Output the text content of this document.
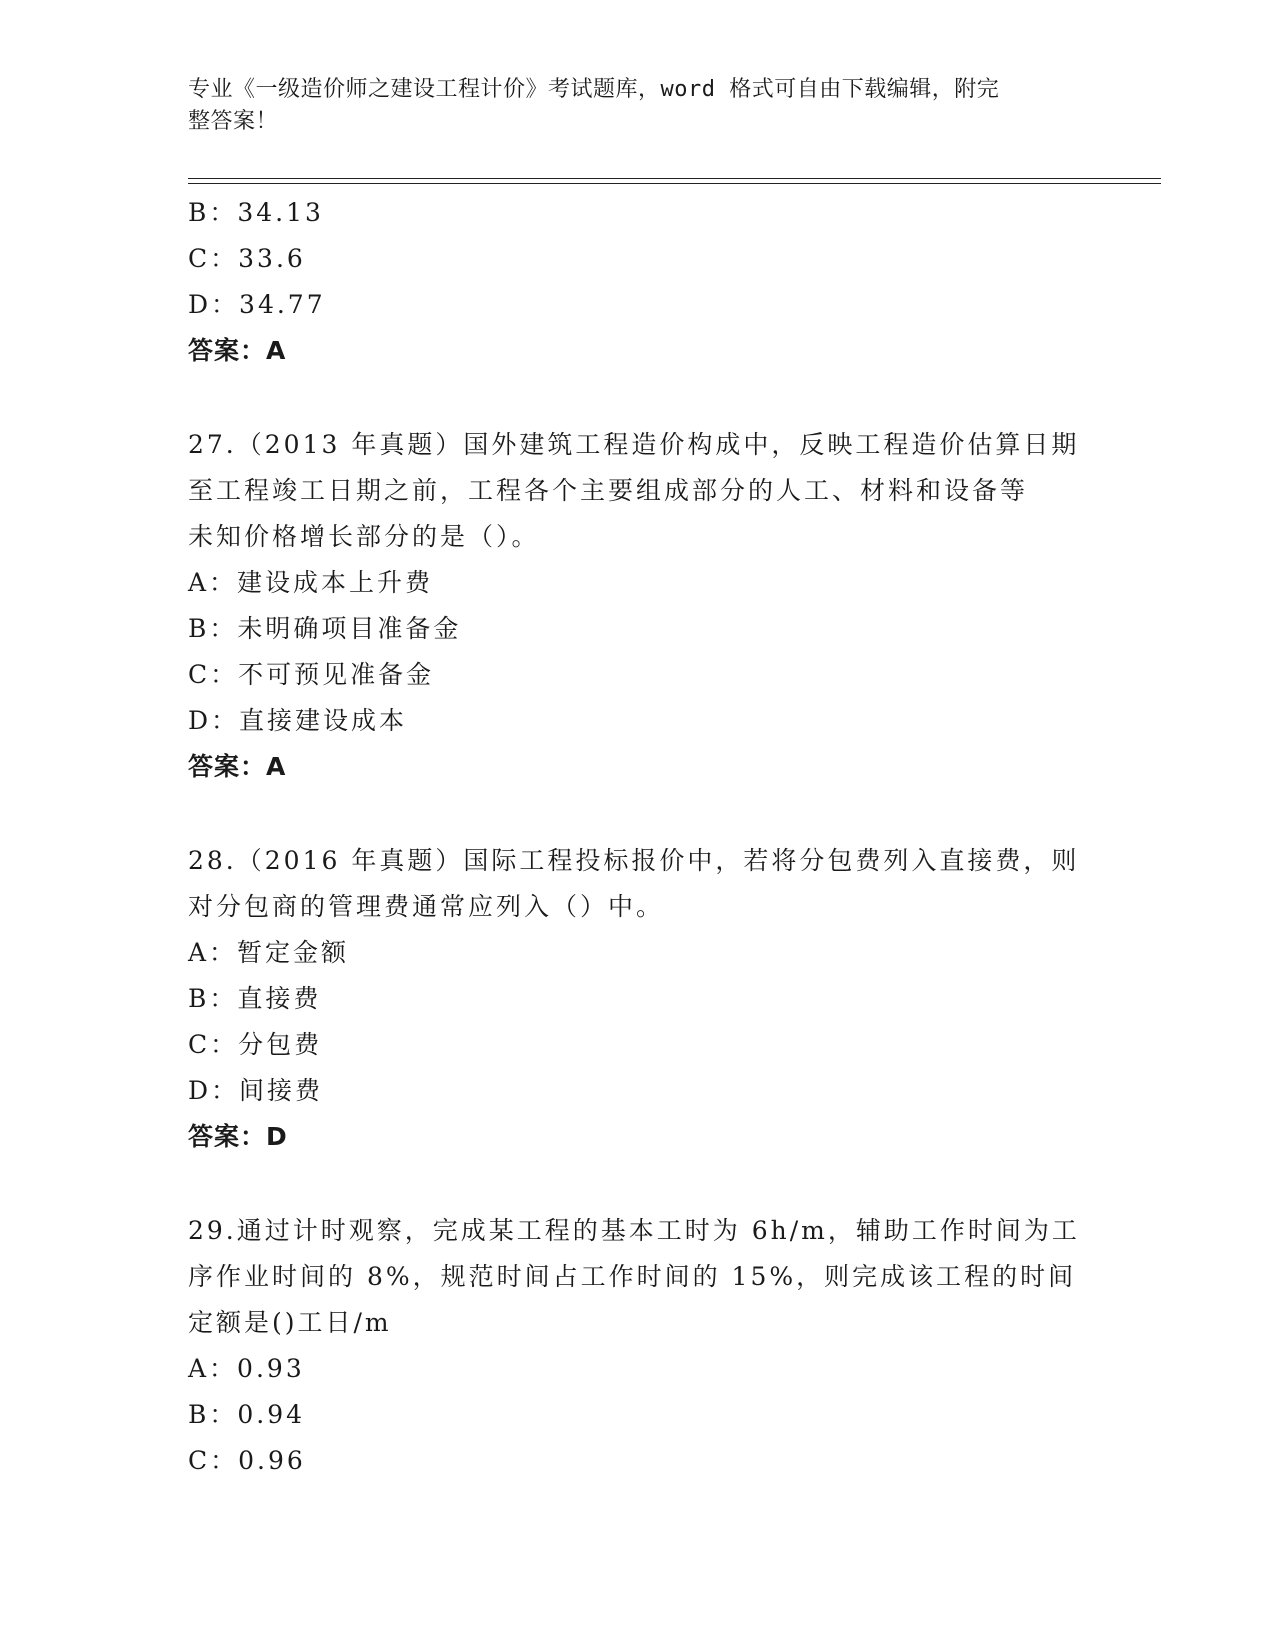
专业《一级造价师之建设工程计价》考试题库，word 格式可自由下载编辑，附完
整答案！
B：34.13
C：33.6
D：34.77
答案：A
27.（2013 年真题）国外建筑工程造价构成中，反映工程造价估算日期
至工程竣工日期之前，工程各个主要组成部分的人工、材料和设备等
未知价格增长部分的是（）。
A：建设成本上升费
B：未明确项目准备金
C：不可预见准备金
D：直接建设成本
答案：A
28.（2016 年真题）国际工程投标报价中，若将分包费列入直接费，则
对分包商的管理费通常应列入（）中。
A：暂定金额
B：直接费
C：分包费
D：间接费
答案：D
29.通过计时观察，完成某工程的基本工时为 6h/m，辅助工作时间为工
序作业时间的 8%，规范时间占工作时间的 15%，则完成该工程的时间
定额是()工日/m
A：0.93
B：0.94
C：0.96
